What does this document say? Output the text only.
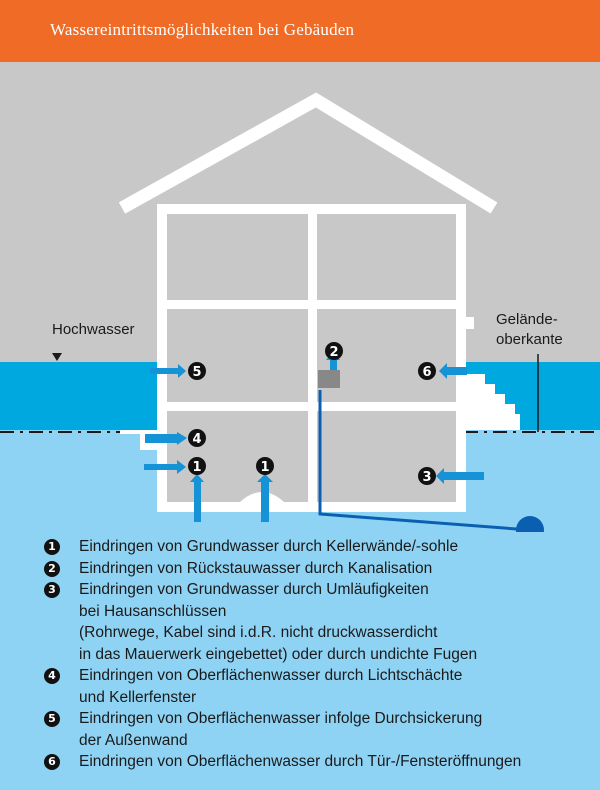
Wassereintrittsmöglichkeiten bei Gebäuden
5
2
6
4
1	1
3
Hochwasser
Gelände-
oberkante
1 Eindringen von Grundwasser durch Kellerwände/-sohle
2 Eindringen von Rückstauwasser durch Kanalisation
3 Eindringen von Grundwasser durch Umläufigkeiten
bei Hausanschlüssen
(Rohrwege, Kabel sind i.d.R. nicht druckwasserdicht
in das Mauerwerk eingebettet) oder durch undichte Fugen
4 Eindringen von Oberflächenwasser durch Lichtschächte
und Kellerfenster
5 Eindringen von Oberflächenwasser infolge Durchsickerung
der Außenwand
6 Eindringen von Oberflächenwasser durch Tür-/Fensteröffnungen
